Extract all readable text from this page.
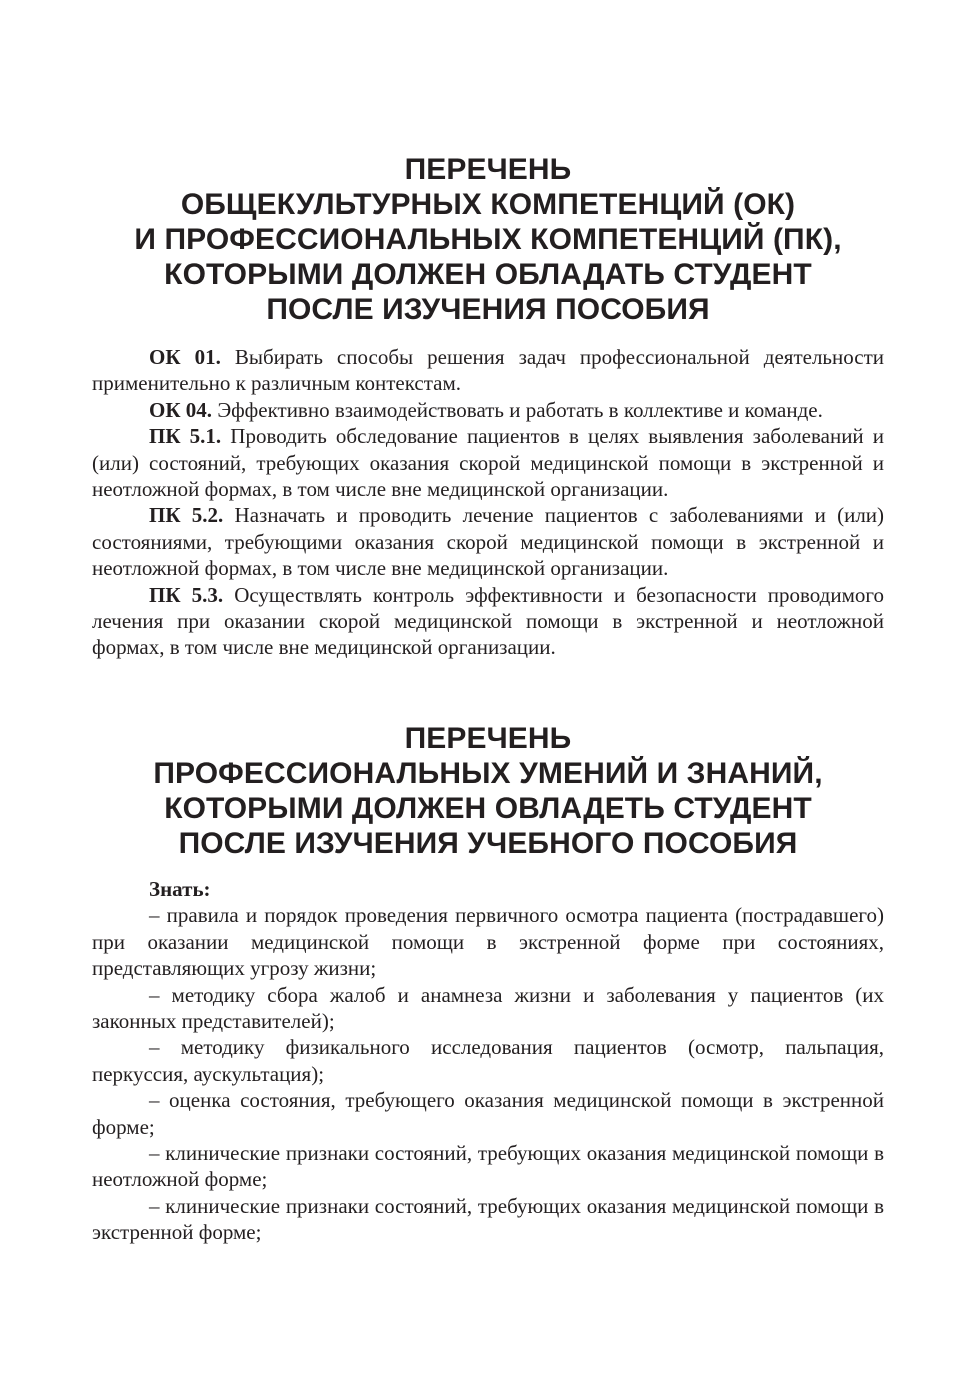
ПЕРЕЧЕНЬ
ОБЩЕКУЛЬТУРНЫХ КОМПЕТЕНЦИЙ (ОК)
И ПРОФЕССИОНАЛЬНЫХ КОМПЕТЕНЦИЙ (ПК),
КОТОРЫМИ ДОЛЖЕН ОБЛАДАТЬ СТУДЕНТ
ПОСЛЕ ИЗУЧЕНИЯ ПОСОБИЯ

ОК 01. Выбирать способы решения задач профессиональной деятельности применительно к различным контекстам.

ОК 04. Эффективно взаимодействовать и работать в коллективе и команде.

ПК 5.1. Проводить обследование пациентов в целях выявления заболеваний и (или) состояний, требующих оказания скорой медицинской помощи в экстренной и неотложной формах, в том числе вне медицинской организации.

ПК 5.2. Назначать и проводить лечение пациентов с заболеваниями и (или) состояниями, требующими оказания скорой медицинской помощи в экстренной и неотложной формах, в том числе вне медицинской организации.

ПК 5.3. Осуществлять контроль эффективности и безопасности проводимого лечения при оказании скорой медицинской помощи в экстренной и неотложной формах, в том числе вне медицинской организации.

ПЕРЕЧЕНЬ
ПРОФЕССИОНАЛЬНЫХ УМЕНИЙ И ЗНАНИЙ,
КОТОРЫМИ ДОЛЖЕН ОВЛАДЕТЬ СТУДЕНТ
ПОСЛЕ ИЗУЧЕНИЯ УЧЕБНОГО ПОСОБИЯ

Знать:

– правила и порядок проведения первичного осмотра пациента (пострадавшего) при оказании медицинской помощи в экстренной форме при состояниях, представляющих угрозу жизни;

– методику сбора жалоб и анамнеза жизни и заболевания у пациентов (их законных представителей);

– методику физикального исследования пациентов (осмотр, пальпация, перкуссия, аускультация);

– оценка состояния, требующего оказания медицинской помощи в экстренной форме;

– клинические признаки состояний, требующих оказания медицинской помощи в неотложной форме;

– клинические признаки состояний, требующих оказания медицинской помощи в экстренной форме;
